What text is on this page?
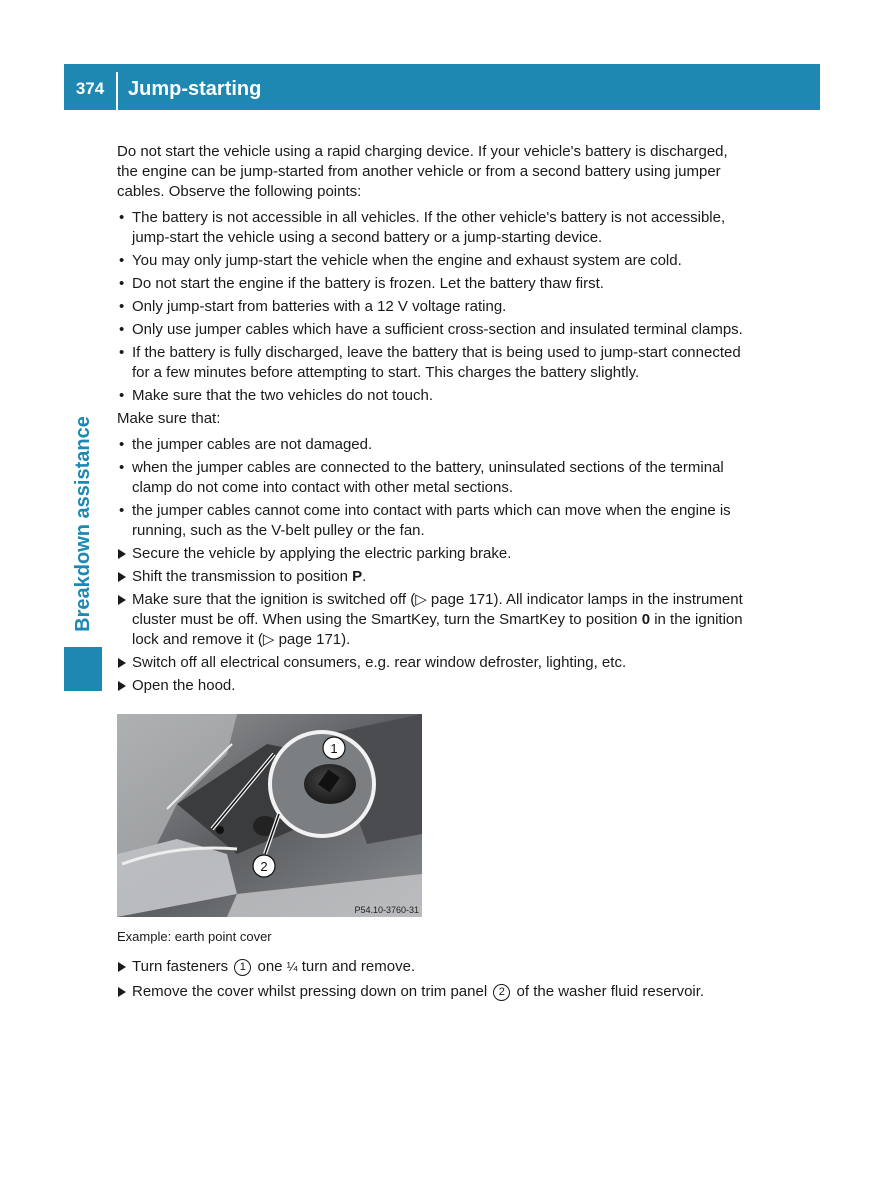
374	Jump-starting
Breakdown assistance

Do not start the vehicle using a rapid charging device. If your vehicle's battery is discharged, the engine can be jump-started from another vehicle or from a second battery using jumper cables. Observe the following points:

• The battery is not accessible in all vehicles. If the other vehicle's battery is not accessible, jump-start the vehicle using a second battery or a jump-starting device.
• You may only jump-start the vehicle when the engine and exhaust system are cold.
• Do not start the engine if the battery is frozen. Let the battery thaw first.
• Only jump-start from batteries with a 12 V voltage rating.
• Only use jumper cables which have a sufficient cross-section and insulated terminal clamps.
• If the battery is fully discharged, leave the battery that is being used to jump-start connected for a few minutes before attempting to start. This charges the battery slightly.
• Make sure that the two vehicles do not touch.

Make sure that:

• the jumper cables are not damaged.
• when the jumper cables are connected to the battery, uninsulated sections of the terminal clamp do not come into contact with other metal sections.
• the jumper cables cannot come into contact with parts which can move when the engine is running, such as the V-belt pulley or the fan.
Secure the vehicle by applying the electric parking brake.
Shift the transmission to position P.
Make sure that the ignition is switched off (▷ page 171). All indicator lamps in the instrument cluster must be off. When using the SmartKey, turn the SmartKey to position 0 in the ignition lock and remove it (▷ page 171).
Switch off all electrical consumers, e.g. rear window defroster, lighting, etc.
Open the hood.
1
2
P54.10-3760-31
Example: earth point cover
Turn fasteners 1 one ¼ turn and remove.
Remove the cover whilst pressing down on trim panel 2 of the washer fluid reservoir.
